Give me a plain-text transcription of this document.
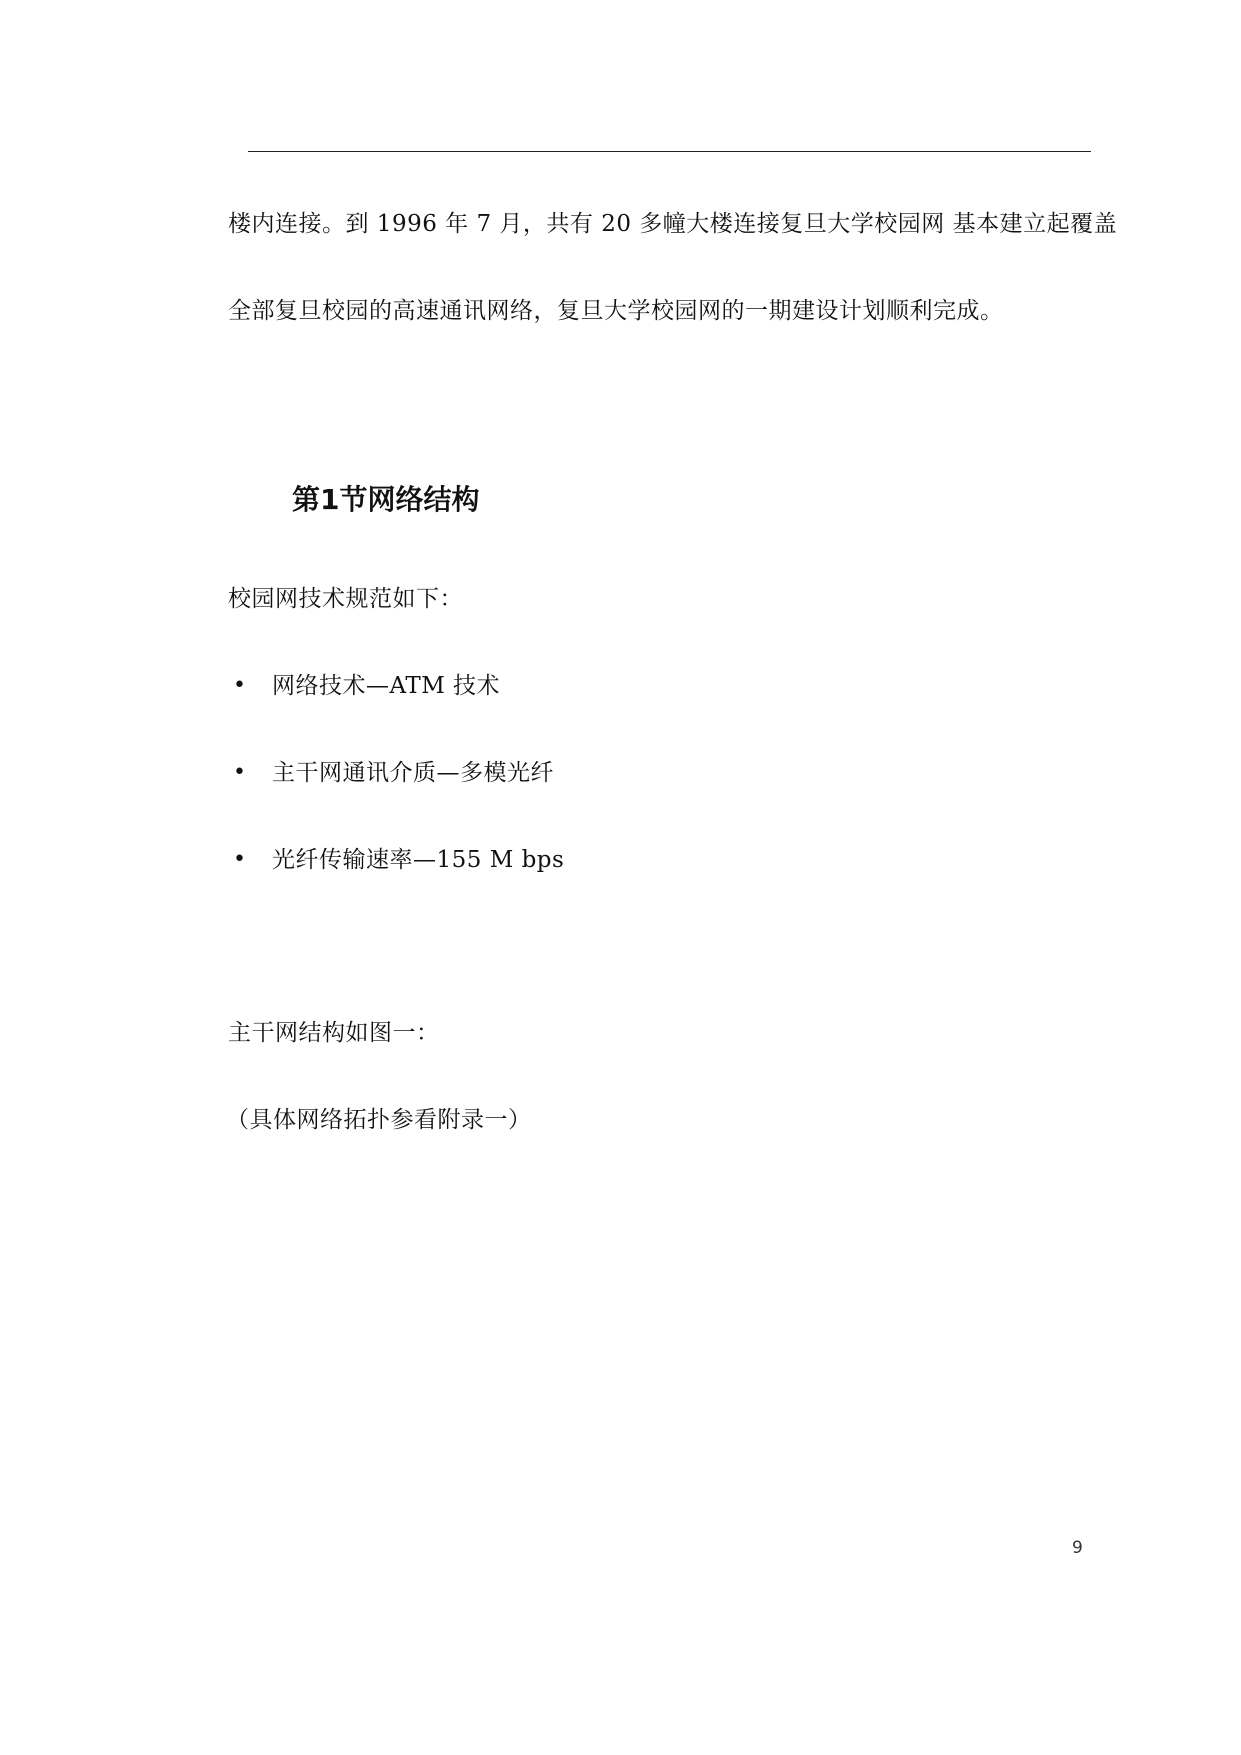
楼内连接。到 1996 年 7 月，共有 20 多幢大楼连接复旦大学校园网 基本建立起覆盖
全部复旦校园的高速通讯网络，复旦大学校园网的一期建设计划顺利完成。
第1节网络结构
校园网技术规范如下：
• 网络技术—ATM 技术
• 主干网通讯介质—多模光纤
• 光纤传输速率—155 M bps
主干网结构如图一：
（具体网络拓扑参看附录一）
9
